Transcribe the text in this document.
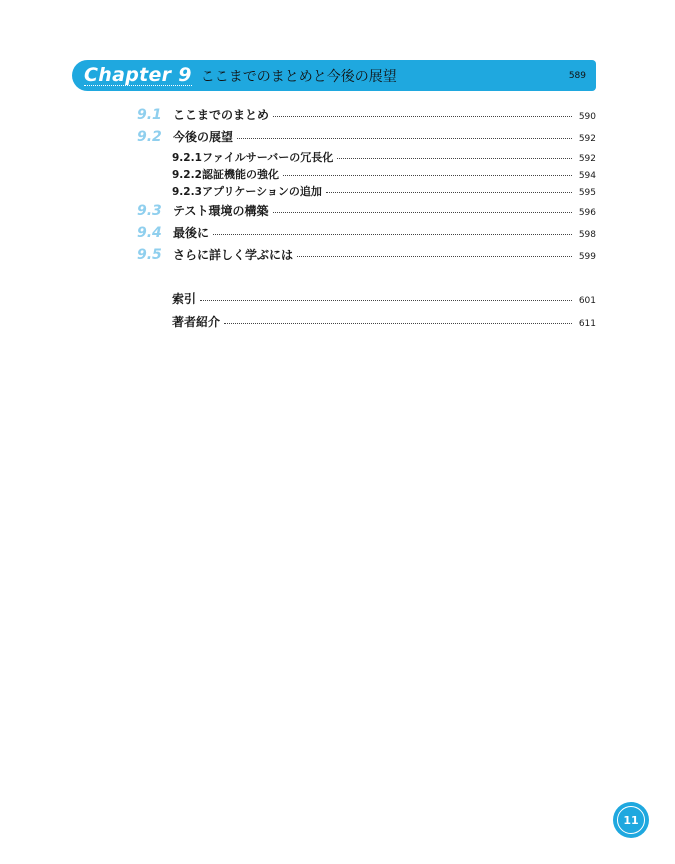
Chapter 9 ここまでのまとめと今後の展望	589
9.1 ここまでのまとめ	590
9.2 今後の展望	592
9.2.1 ファイルサーバーの冗長化	592
9.2.2 認証機能の強化	594
9.2.3 アプリケーションの追加	595
9.3 テスト環境の構築	596
9.4 最後に	598
9.5 さらに詳しく学ぶには	599
索引	601
著者紹介	611
11
